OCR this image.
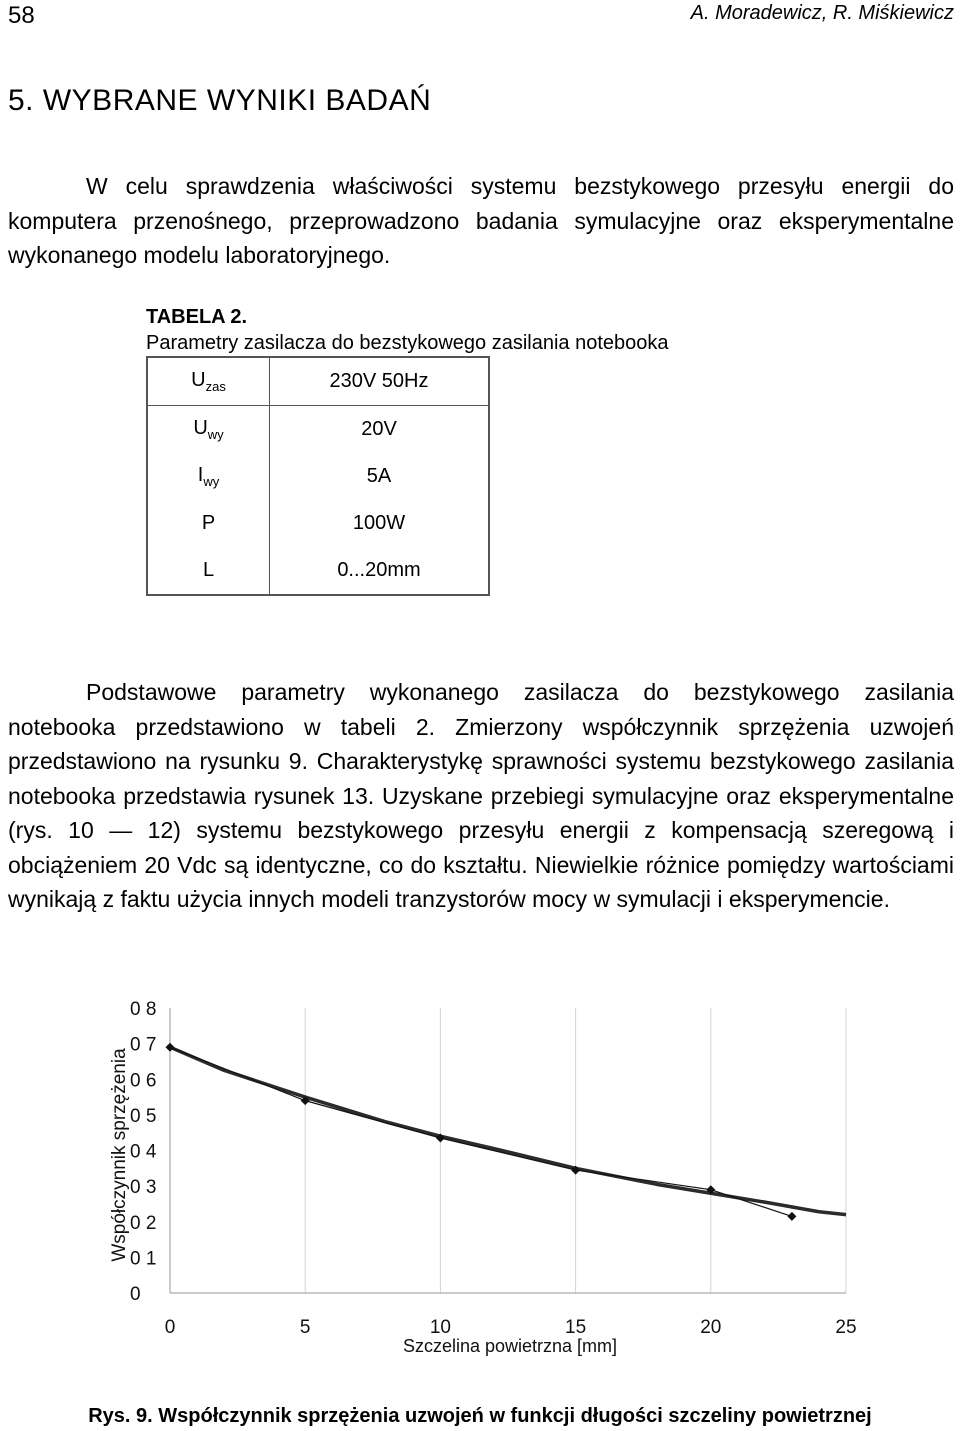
58	A. Moradewicz, R. Miśkiewicz
5. WYBRANE WYNIKI BADAŃ

W celu sprawdzenia właściwości systemu bezstykowego przesyłu energii do komputera przenośnego, przeprowadzono badania symulacyjne oraz eksperymentalne wykonanego modelu laboratoryjnego.

TABELA 2.
Parametry zasilacza do bezstykowego zasilania notebooka
$U_{zas}$	230V 50Hz
$U_{wy}$	20V
$I_{wy}$	5A
P	100W
L	0...20mm

Podstawowe parametry wykonanego zasilacza do bezstykowego zasilania notebooka przedstawiono w tabeli 2. Zmierzony współczynnik sprzężenia uzwojeń przedstawiono na rysunku 9. Charakterystykę sprawności systemu bezstykowego zasilania notebooka przedstawia rysunek 13. Uzyskane przebiegi symulacyjne oraz eksperymentalne (rys. 10 — 12) systemu bezstykowego przesyłu energii z kompensacją szeregową i obciążeniem 20 Vdc są identyczne, co do kształtu. Niewielkie różnice pomiędzy wartościami wynikają z faktu użycia innych modeli tranzystorów mocy w symulacji i eksperymencie.

0
0 1
0 2
0 3
0 4
0 5
0 6
0 7
0 8
0	5	10	15	20	25
Szczelina powietrzna [mm]
Współczynnik sprzężenia
Rys. 9. Współczynnik sprzężenia uzwojeń w funkcji długości szczeliny powietrznej
